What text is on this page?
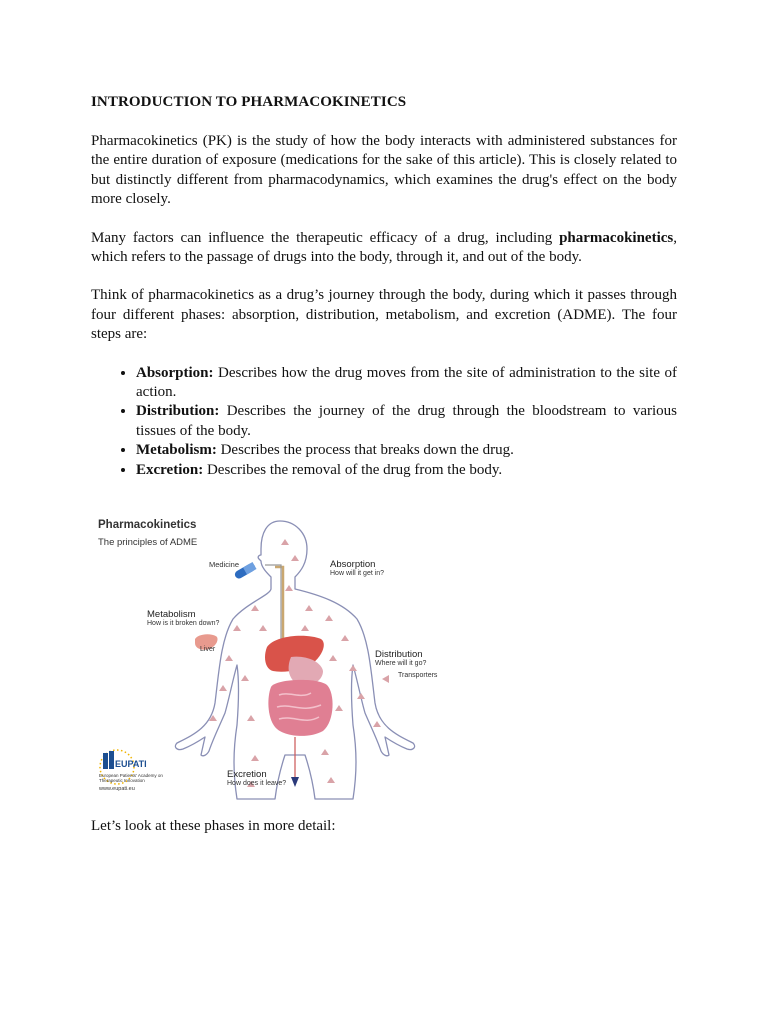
INTRODUCTION TO PHARMACOKINETICS

Pharmacokinetics (PK) is the study of how the body interacts with administered substances for the entire duration of exposure (medications for the sake of this article). This is closely related to but distinctly different from pharmacodynamics, which examines the drug's effect on the body more closely.

Many factors can influence the therapeutic efficacy of a drug, including pharmacokinetics, which refers to the passage of drugs into the body, through it, and out of the body.

Think of pharmacokinetics as a drug’s journey through the body, during which it passes through four different phases: absorption, distribution, metabolism, and excretion (ADME). The four steps are:

• Absorption: Describes how the drug moves from the site of administration to the site of action.
• Distribution: Describes the journey of the drug through the bloodstream to various tissues of the body.
• Metabolism: Describes the process that breaks down the drug.
• Excretion: Describes the removal of the drug from the body.
Pharmacokinetics
The principles of ADME
Medicine	Absorption
How will it get in?
Metabolism
How is it broken down?
Liver	Distribution
Where will it go?
Transporters
Excretion
How does it leave?
EUPATI
European Patients' Academy on Therapeutic Innovation
www.eupati.eu
Let’s look at these phases in more detail:
